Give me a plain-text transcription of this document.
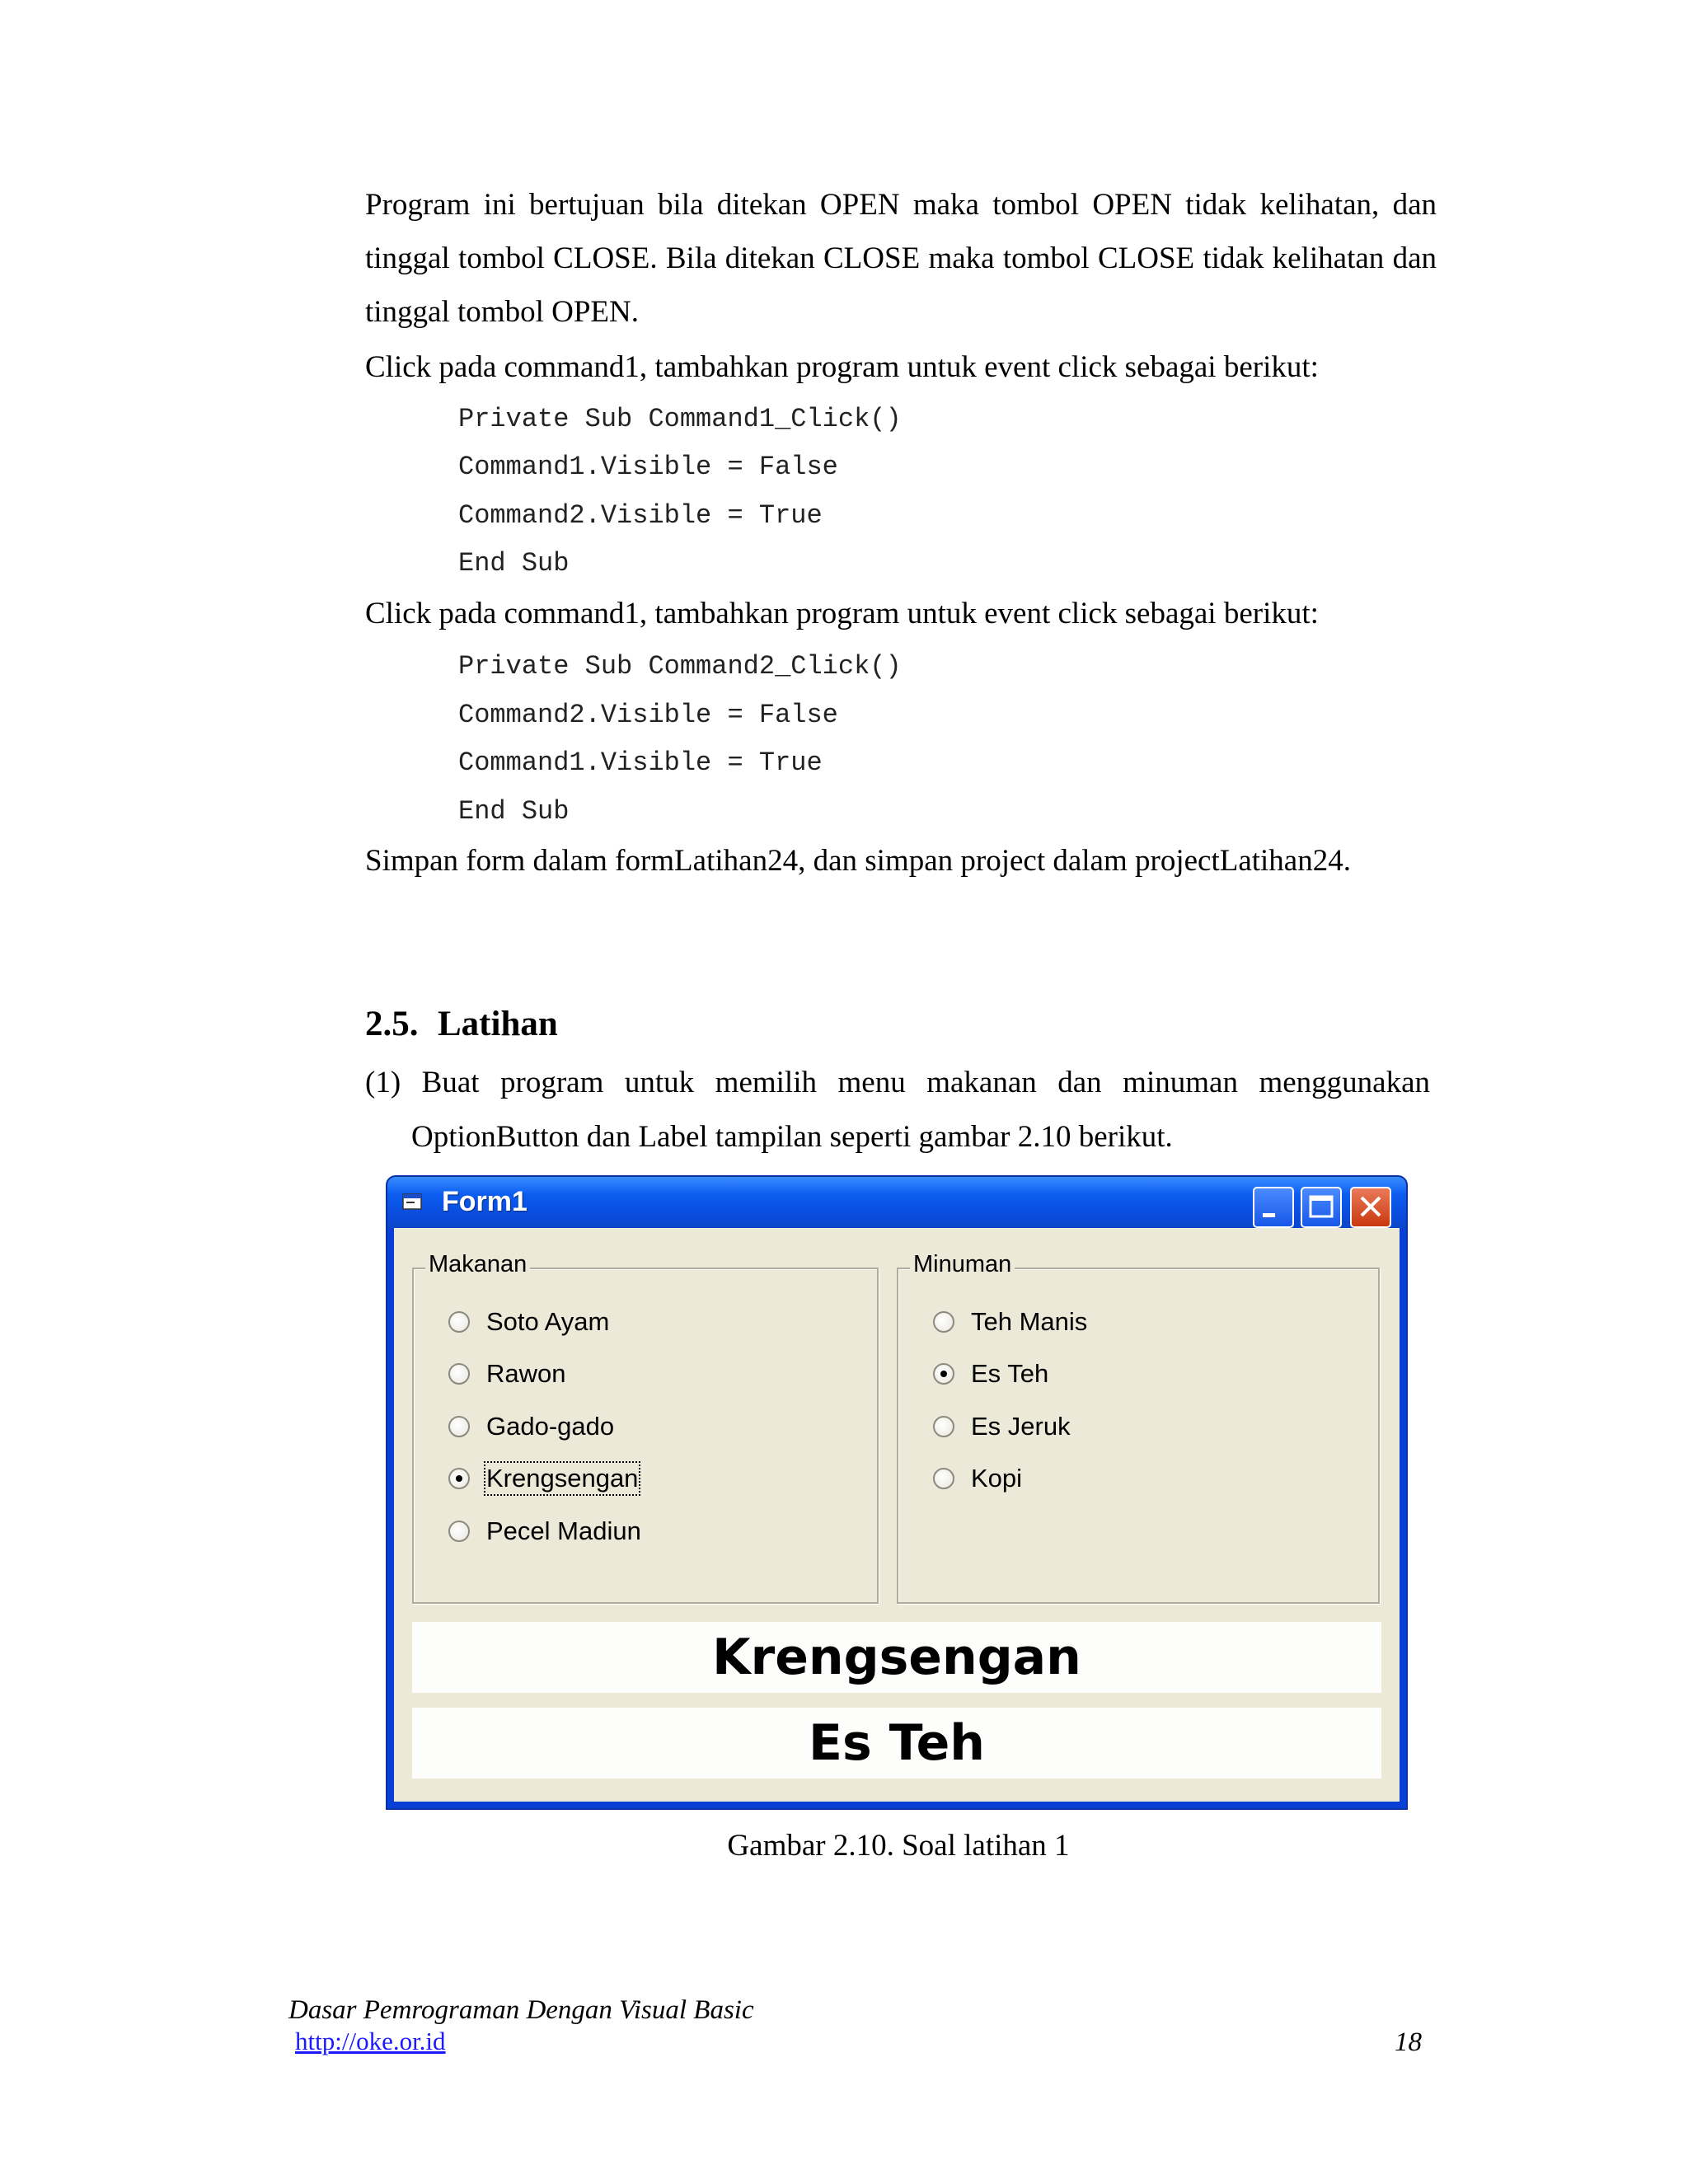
Program ini bertujuan bila ditekan OPEN maka tombol OPEN tidak kelihatan, dan tinggal tombol CLOSE. Bila ditekan CLOSE maka tombol CLOSE tidak kelihatan dan tinggal tombol OPEN.
Click pada command1, tambahkan program untuk event click sebagai berikut:
Private Sub Command1_Click()
Command1.Visible = False
Command2.Visible = True
End Sub
Click pada command1, tambahkan program untuk event click sebagai berikut:
Private Sub Command2_Click()
Command2.Visible = False
Command1.Visible = True
End Sub
Simpan form dalam formLatihan24, dan simpan project dalam projectLatihan24.
2.5. Latihan
(1) Buat program untuk memilih menu makanan dan minuman menggunakan
OptionButton dan Label tampilan seperti gambar 2.10 berikut.
Form1
Makanan
Soto Ayam
Rawon
Gado-gado
Krengsengan
Pecel Madiun
Minuman
Teh Manis
Es Teh
Es Jeruk
Kopi
Krengsengan
Es Teh
Gambar 2.10. Soal latihan 1
Dasar Pemrograman Dengan Visual Basic
http://oke.or.id	18
